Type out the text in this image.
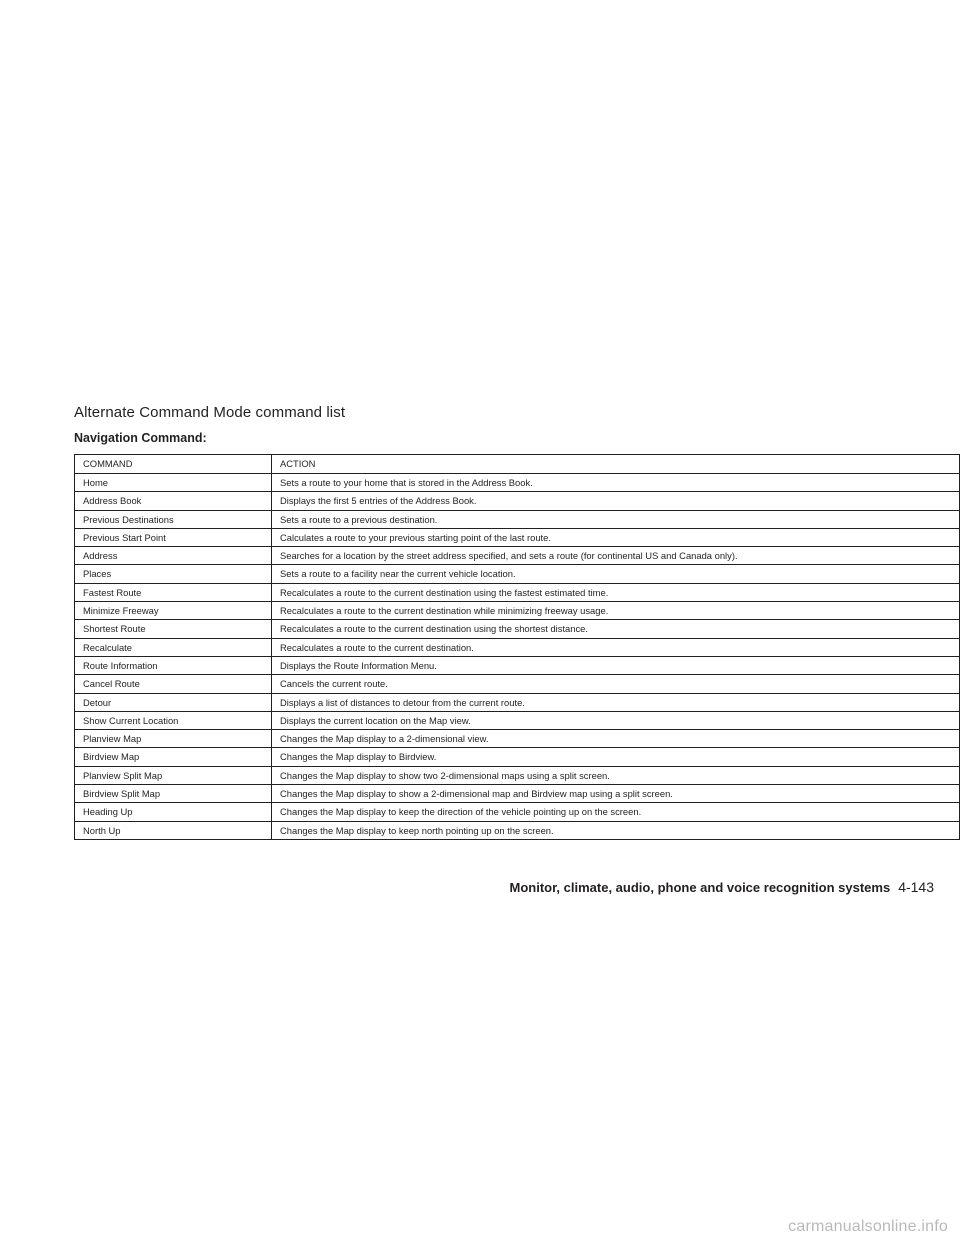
Alternate Command Mode command list
Navigation Command:
COMMAND	ACTION
Home	Sets a route to your home that is stored in the Address Book.
Address Book	Displays the first 5 entries of the Address Book.
Previous Destinations	Sets a route to a previous destination.
Previous Start Point	Calculates a route to your previous starting point of the last route.
Address	Searches for a location by the street address specified, and sets a route (for continental US and Canada only).
Places	Sets a route to a facility near the current vehicle location.
Fastest Route	Recalculates a route to the current destination using the fastest estimated time.
Minimize Freeway	Recalculates a route to the current destination while minimizing freeway usage.
Shortest Route	Recalculates a route to the current destination using the shortest distance.
Recalculate	Recalculates a route to the current destination.
Route Information	Displays the Route Information Menu.
Cancel Route	Cancels the current route.
Detour	Displays a list of distances to detour from the current route.
Show Current Location	Displays the current location on the Map view.
Planview Map	Changes the Map display to a 2-dimensional view.
Birdview Map	Changes the Map display to Birdview.
Planview Split Map	Changes the Map display to show two 2-dimensional maps using a split screen.
Birdview Split Map	Changes the Map display to show a 2-dimensional map and Birdview map using a split screen.
Heading Up	Changes the Map display to keep the direction of the vehicle pointing up on the screen.
North Up	Changes the Map display to keep north pointing up on the screen.
Monitor, climate, audio, phone and voice recognition systems 4-143
carmanualsonline.info
